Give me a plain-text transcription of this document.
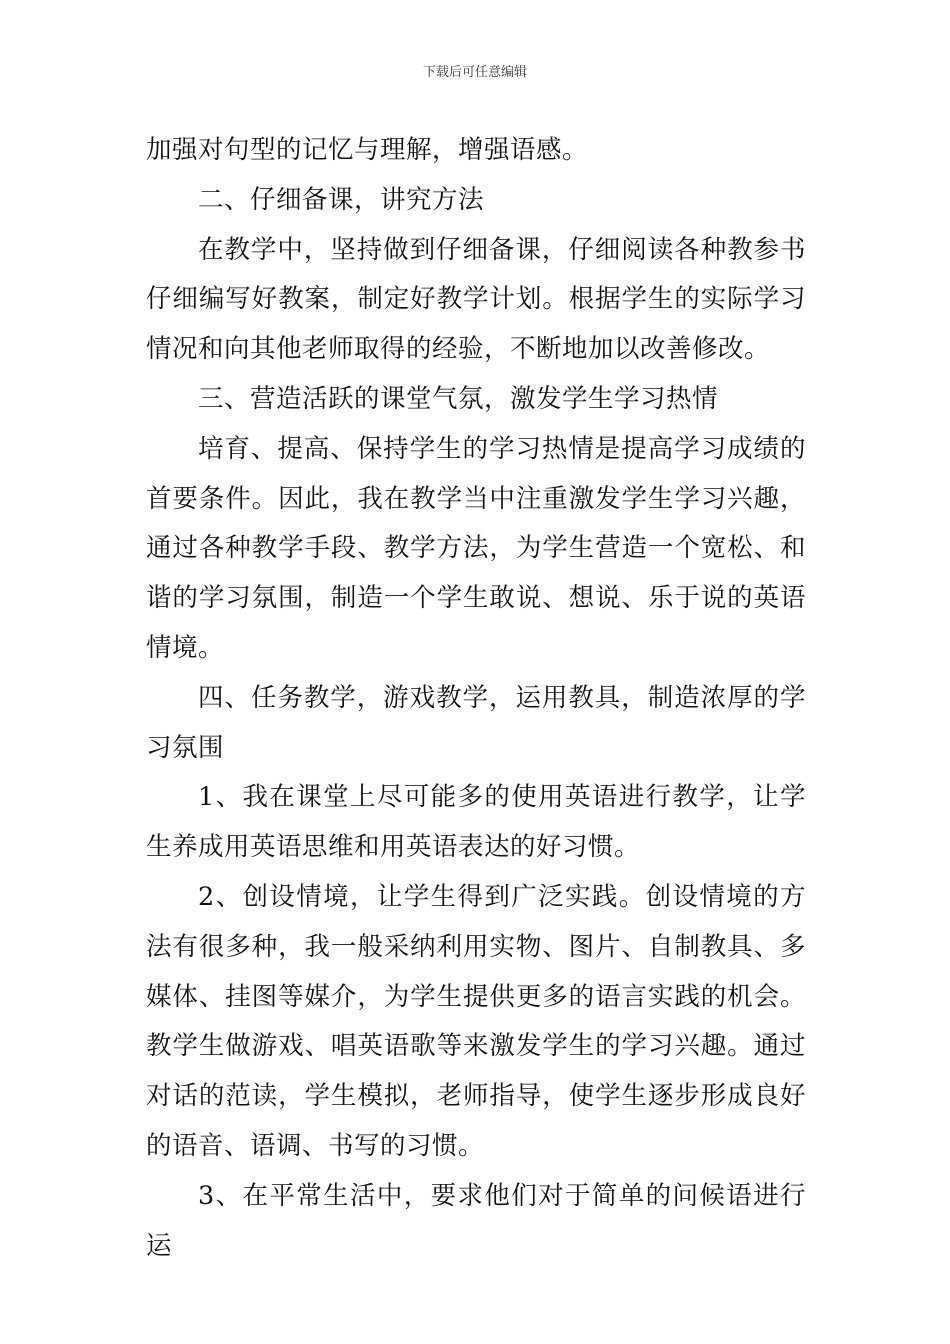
下载后可任意编辑

加强对句型的记忆与理解，增强语感。

二、仔细备课，讲究方法

在教学中，坚持做到仔细备课，仔细阅读各种教参书仔细编写好教案，制定好教学计划。根据学生的实际学习情况和向其他老师取得的经验，不断地加以改善修改。

三、营造活跃的课堂气氛，激发学生学习热情

培育、提高、保持学生的学习热情是提高学习成绩的首要条件。因此，我在教学当中注重激发学生学习兴趣，通过各种教学手段、教学方法，为学生营造一个宽松、和谐的学习氛围，制造一个学生敢说、想说、乐于说的英语情境。

四、任务教学，游戏教学，运用教具，制造浓厚的学习氛围

1、我在课堂上尽可能多的使用英语进行教学，让学生养成用英语思维和用英语表达的好习惯。

2、创设情境，让学生得到广泛实践。创设情境的方法有很多种，我一般采纳利用实物、图片、自制教具、多媒体、挂图等媒介，为学生提供更多的语言实践的机会。教学生做游戏、唱英语歌等来激发学生的学习兴趣。通过对话的范读，学生模拟，老师指导，使学生逐步形成良好的语音、语调、书写的习惯。

3、在平常生活中，要求他们对于简单的问候语进行运
